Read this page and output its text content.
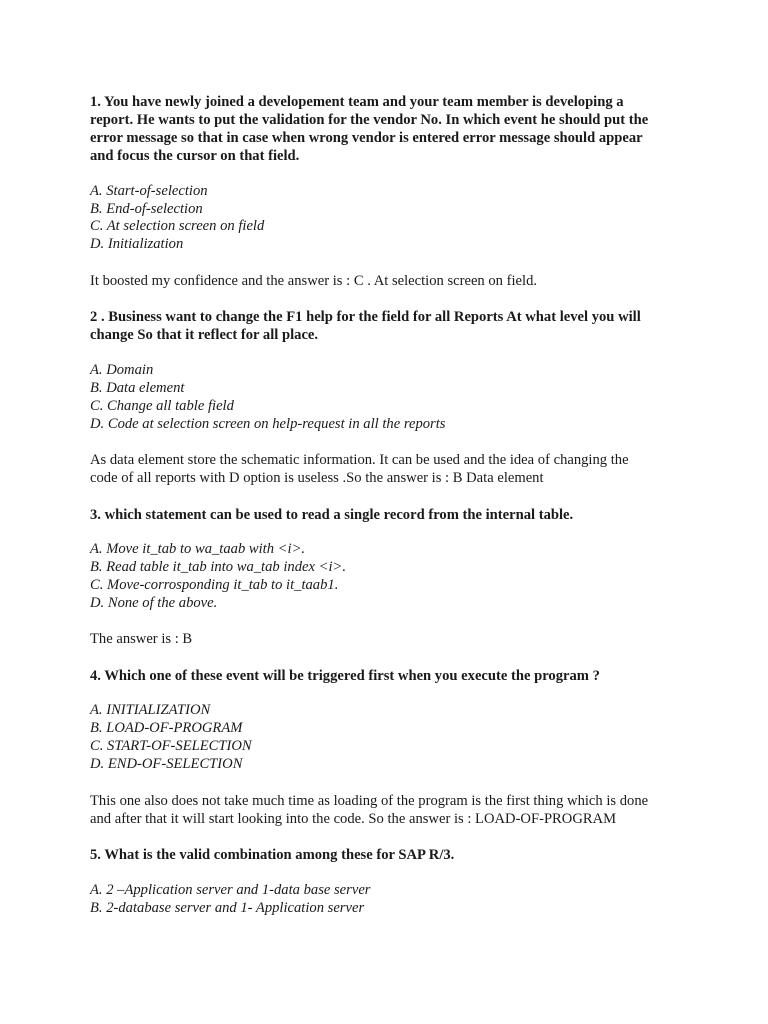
1. You have newly joined a developement team and your team member is developing a
report. He wants to put the validation for the vendor No. In which event he should put the
error message so that in case when wrong vendor is entered error message should appear
and focus the cursor on that field.
A. Start-of-selection
B. End-of-selection
C. At selection screen on field
D. Initialization
It boosted my confidence and the answer is : C . At selection screen on field.
2 . Business want to change the F1 help for the field for all Reports At what level you will
change So that it reflect for all place.
A. Domain
B. Data element
C. Change all table field
D. Code at selection screen on help-request in all the reports
As data element store the schematic information. It can be used and the idea of changing the
code of all reports with D option is useless .So the answer is : B Data element
3. which statement can be used to read a single record from the internal table.
A. Move it_tab to wa_taab with <i>.
B. Read table it_tab into wa_tab index <i>.
C. Move-corrosponding it_tab to it_taab1.
D. None of the above.
The answer is : B
4. Which one of these event will be triggered first when you execute the program ?
A. INITIALIZATION
B. LOAD-OF-PROGRAM
C. START-OF-SELECTION
D. END-OF-SELECTION
This one also does not take much time as loading of the program is the first thing which is done
and after that it will start looking into the code. So the answer is : LOAD-OF-PROGRAM
5. What is the valid combination among these for SAP R/3.
A. 2 –Application server and 1-data base server
B. 2-database server and 1- Application server
